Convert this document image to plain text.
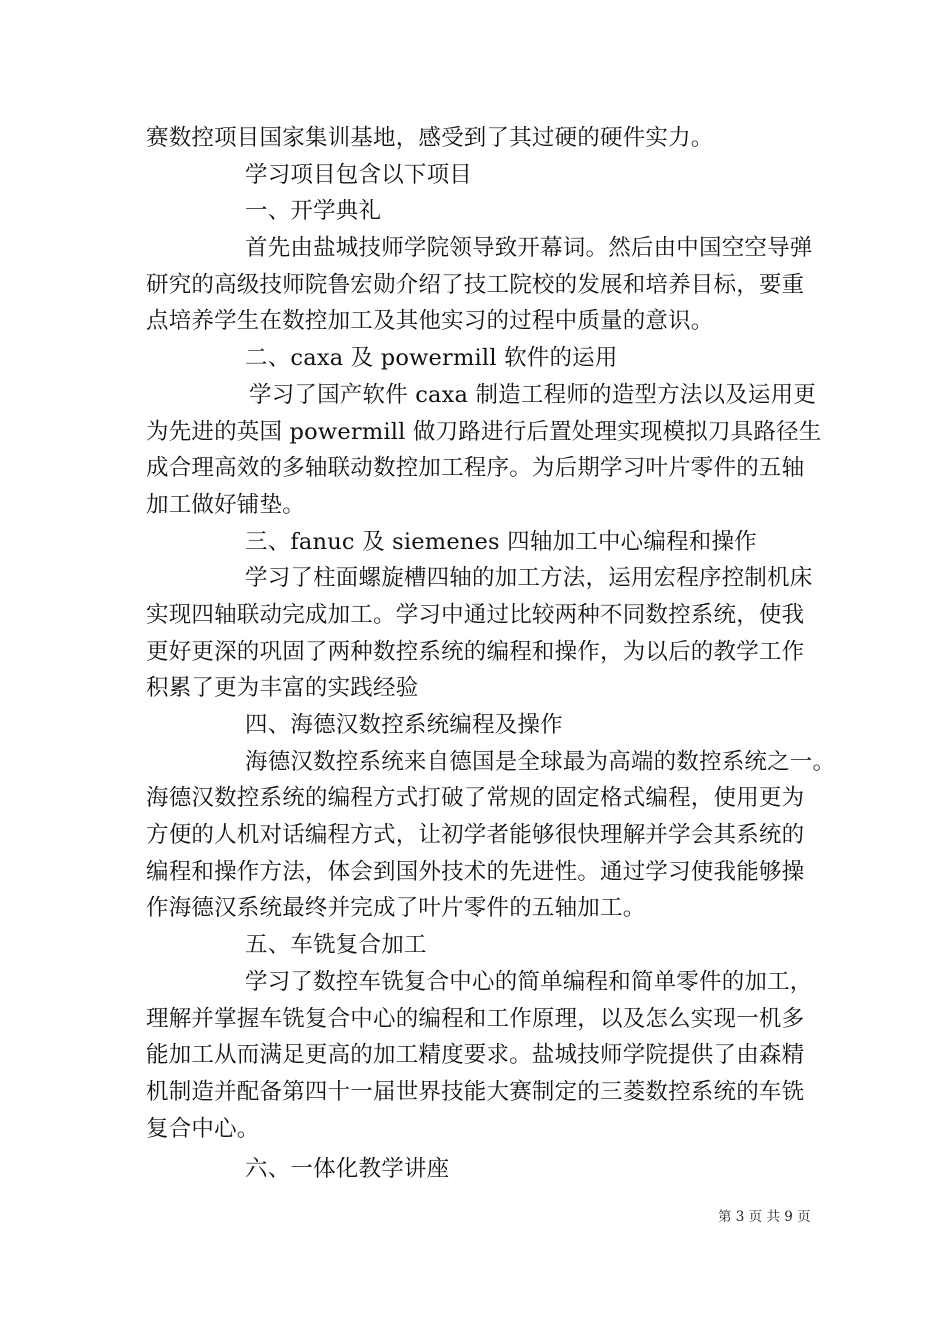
赛数控项目国家集训基地，感受到了其过硬的硬件实力。
学习项目包含以下项目
一、开学典礼
首先由盐城技师学院领导致开幕词。然后由中国空空导弹
研究的高级技师院鲁宏勋介绍了技工院校的发展和培养目标，要重
点培养学生在数控加工及其他实习的过程中质量的意识。
二、caxa 及 powermill 软件的运用
学习了国产软件 caxa 制造工程师的造型方法以及运用更
为先进的英国 powermill 做刀路进行后置处理实现模拟刀具路径生
成合理高效的多轴联动数控加工程序。为后期学习叶片零件的五轴
加工做好铺垫。
三、fanuc 及 siemenes 四轴加工中心编程和操作
学习了柱面螺旋槽四轴的加工方法，运用宏程序控制机床
实现四轴联动完成加工。学习中通过比较两种不同数控系统，使我
更好更深的巩固了两种数控系统的编程和操作，为以后的教学工作
积累了更为丰富的实践经验
四、海德汉数控系统编程及操作
海德汉数控系统来自德国是全球最为高端的数控系统之一。
海德汉数控系统的编程方式打破了常规的固定格式编程，使用更为
方便的人机对话编程方式，让初学者能够很快理解并学会其系统的
编程和操作方法，体会到国外技术的先进性。通过学习使我能够操
作海德汉系统最终并完成了叶片零件的五轴加工。
五、车铣复合加工
学习了数控车铣复合中心的简单编程和简单零件的加工，
理解并掌握车铣复合中心的编程和工作原理，以及怎么实现一机多
能加工从而满足更高的加工精度要求。盐城技师学院提供了由森精
机制造并配备第四十一届世界技能大赛制定的三菱数控系统的车铣
复合中心。
六、一体化教学讲座
第 3 页 共 9 页
